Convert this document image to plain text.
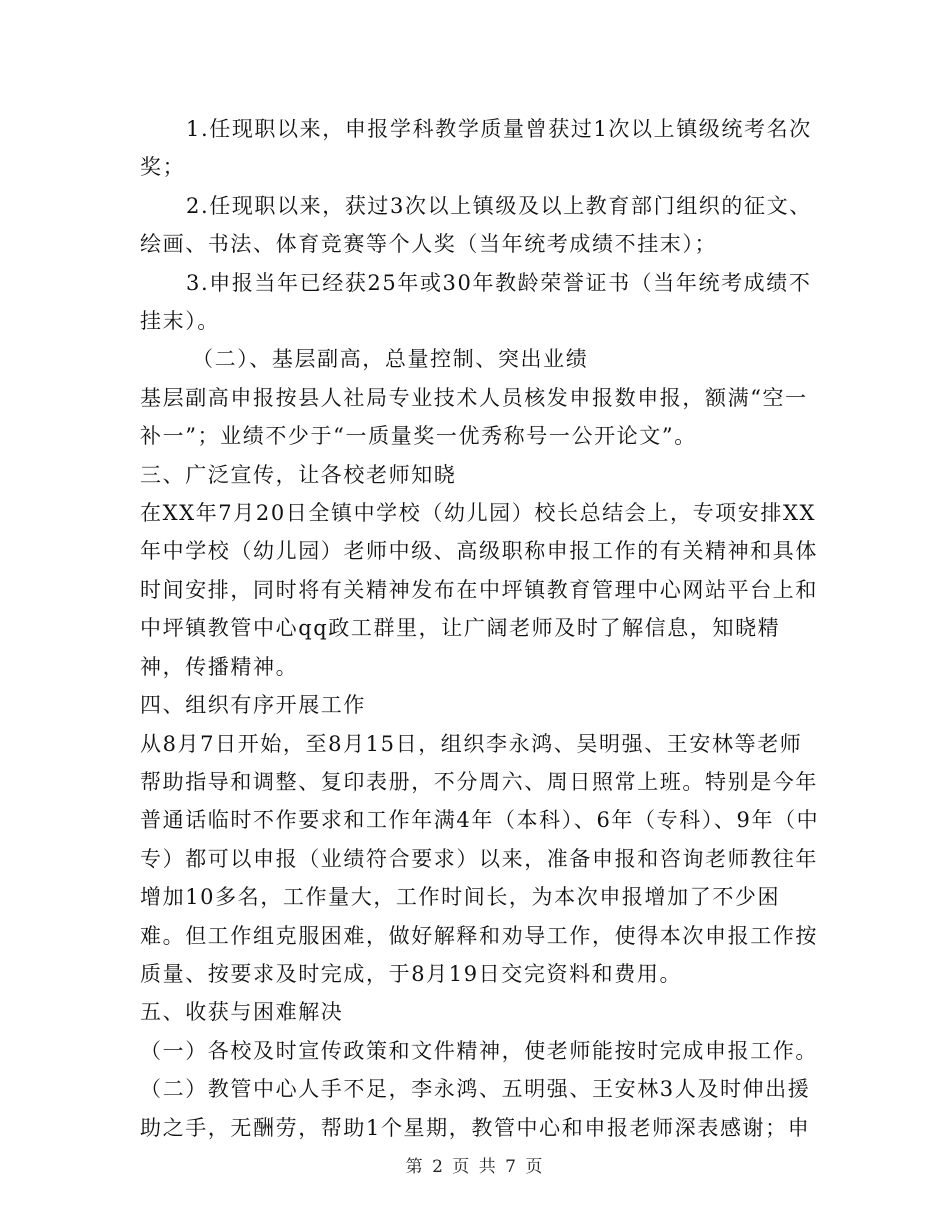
1.任现职以来，申报学科教学质量曾获过1次以上镇级统考名次奖；

2.任现职以来，获过3次以上镇级及以上教育部门组织的征文、绘画、书法、体育竞赛等个人奖（当年统考成绩不挂末）；

3.申报当年已经获25年或30年教龄荣誉证书（当年统考成绩不挂末）。

（二）、基层副高，总量控制、突出业绩

基层副高申报按县人社局专业技术人员核发申报数申报，额满“空一补一”；业绩不少于“一质量奖一优秀称号一公开论文”。

三、广泛宣传，让各校老师知晓

在XX年7月20日全镇中学校（幼儿园）校长总结会上，专项安排XX年中学校（幼儿园）老师中级、高级职称申报工作的有关精神和具体时间安排，同时将有关精神发布在中坪镇教育管理中心网站平台上和中坪镇教管中心qq政工群里，让广阔老师及时了解信息，知晓精神，传播精神。

四、组织有序开展工作

从8月7日开始，至8月15日，组织李永鸿、吴明强、王安林等老师帮助指导和调整、复印表册，不分周六、周日照常上班。特别是今年普通话临时不作要求和工作年满4年（本科）、6年（专科）、9年（中专）都可以申报（业绩符合要求）以来，准备申报和咨询老师教往年增加10多名，工作量大，工作时间长，为本次申报增加了不少困难。但工作组克服困难，做好解释和劝导工作，使得本次申报工作按质量、按要求及时完成，于8月19日交完资料和费用。

五、收获与困难解决

（一）各校及时宣传政策和文件精神，使老师能按时完成申报工作。

（二）教管中心人手不足，李永鸿、五明强、王安林3人及时伸出援助之手，无酬劳，帮助1个星期，教管中心和申报老师深表感谢；申

第 2 页 共 7 页
